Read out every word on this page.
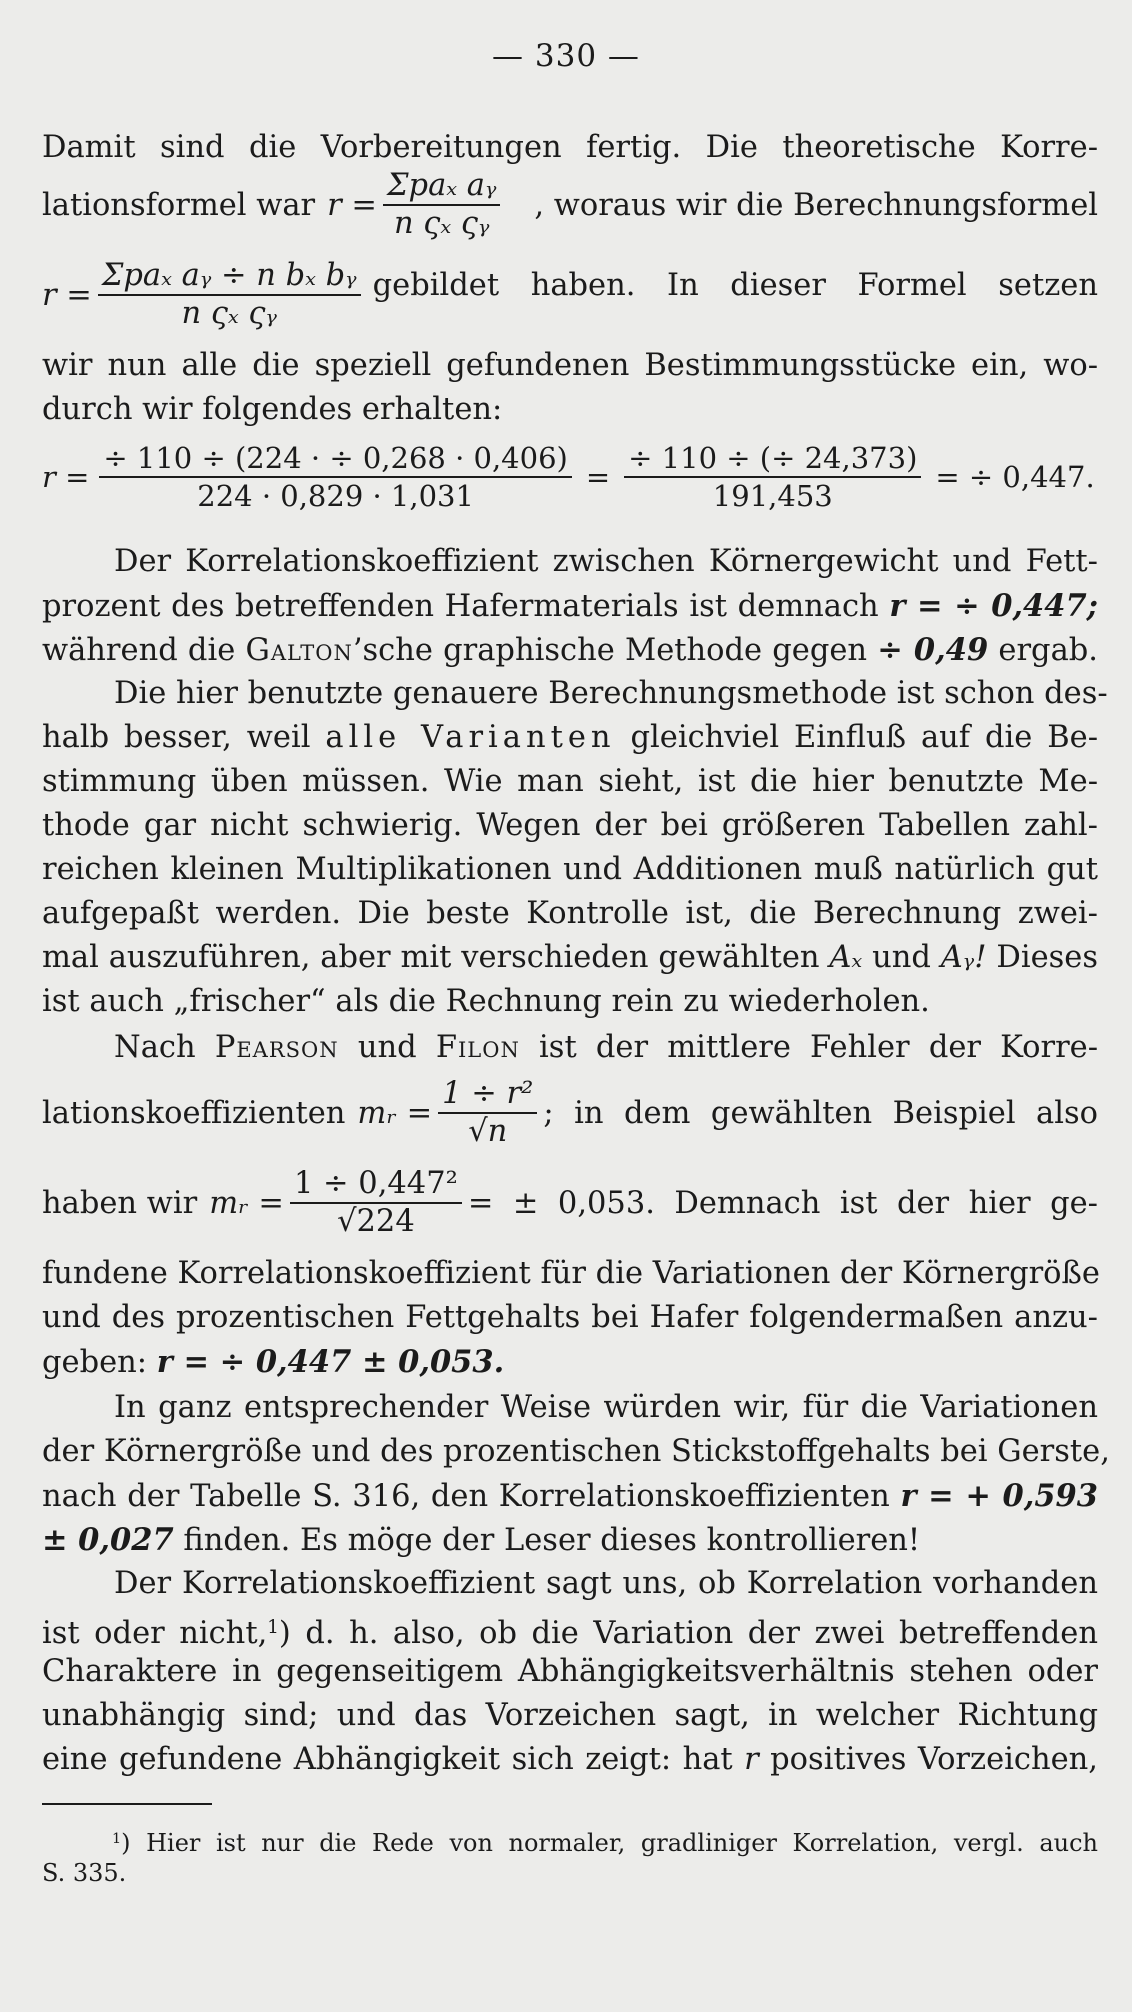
— 330 —
Damit sind die Vorbereitungen fertig. Die theoretische Korre-
lationsformel war $r = \frac{\text{Σpaₓ aᵧ}}{\text{n ςₓ ςᵧ}}$ , woraus wir die Berechnungsformel
$r = \frac{\text{Σpaₓ aᵧ ÷ n bₓ bᵧ}}{\text{n ςₓ ςᵧ}}$ gebildet haben. In dieser Formel setzen
wir nun alle die speziell gefundenen Bestimmungsstücke ein, wo-
durch wir folgendes erhalten:
$r = \frac{\div 110 \div (224 \cdot \div 0,268 \cdot 0,406)}{224 \cdot 0,829 \cdot 1,031} = \frac{\div 110 \div (\div 24,373)}{191,453}$ = ÷ 0,447.
Der Korrelationskoeffizient zwischen Körnergewicht und Fett-
prozent des betreffenden Hafermaterials ist demnach r = ÷ 0,447;
während die Galton’sche graphische Methode gegen ÷ 0,49 ergab.
Die hier benutzte genauere Berechnungsmethode ist schon des-
halb besser, weil alle Varianten gleichviel Einfluß auf die Be-
stimmung üben müssen. Wie man sieht, ist die hier benutzte Me-
thode gar nicht schwierig. Wegen der bei größeren Tabellen zahl-
reichen kleinen Multiplikationen und Additionen muß natürlich gut
aufgepaßt werden. Die beste Kontrolle ist, die Berechnung zwei-
mal auszuführen, aber mit verschieden gewählten Aₓ und Aᵧ! Dieses
ist auch „frischer“ als die Rechnung rein zu wiederholen.
Nach Pearson und Filon ist der mittlere Fehler der Korre-
lationskoeffizienten mᵣ = $\frac{\text{1 ÷ r²}}{√n}$ ; in dem gewählten Beispiel also
haben wir mᵣ = $\frac{\text{1 ÷ 0,447²}}{√224}$ = ± 0,053. Demnach ist der hier ge-
fundene Korrelationskoeffizient für die Variationen der Körnergröße
und des prozentischen Fettgehalts bei Hafer folgendermaßen anzu-
geben: r = ÷ 0,447 ± 0,053.
In ganz entsprechender Weise würden wir, für die Variationen
der Körnergröße und des prozentischen Stickstoffgehalts bei Gerste,
nach der Tabelle S. 316, den Korrelationskoeffizienten r = + 0,593
± 0,027 finden. Es möge der Leser dieses kontrollieren!
Der Korrelationskoeffizient sagt uns, ob Korrelation vorhanden
ist oder nicht,$^1$) d. h. also, ob die Variation der zwei betreffenden
Charaktere in gegenseitigem Abhängigkeitsverhältnis stehen oder
unabhängig sind; und das Vorzeichen sagt, in welcher Richtung
eine gefundene Abhängigkeit sich zeigt: hat r positives Vorzeichen,
$^1$) Hier ist nur die Rede von normaler, gradliniger Korrelation, vergl. auch
S. 335.
